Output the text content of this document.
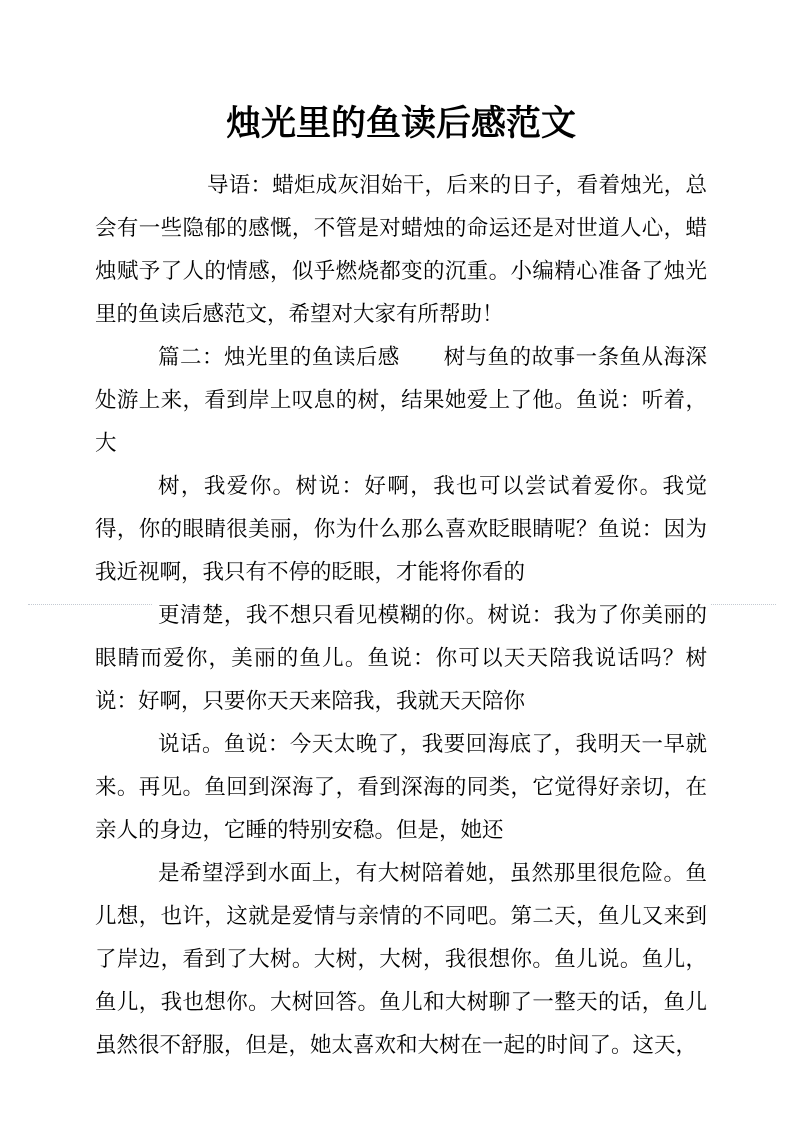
烛光里的鱼读后感范文

导语：蜡炬成灰泪始干，后来的日子，看着烛光，总会有一些隐郁的感慨，不管是对蜡烛的命运还是对世道人心，蜡烛赋予了人的情感，似乎燃烧都变的沉重。小编精心准备了烛光里的鱼读后感范文，希望对大家有所帮助！

篇二：烛光里的鱼读后感　　树与鱼的故事一条鱼从海深处游上来，看到岸上叹息的树，结果她爱上了他。鱼说：听着，大

树，我爱你。树说：好啊，我也可以尝试着爱你。我觉得，你的眼睛很美丽，你为什么那么喜欢眨眼睛呢？鱼说：因为我近视啊，我只有不停的眨眼，才能将你看的

更清楚，我不想只看见模糊的你。树说：我为了你美丽的眼睛而爱你，美丽的鱼儿。鱼说：你可以天天陪我说话吗？树说：好啊，只要你天天来陪我，我就天天陪你

说话。鱼说：今天太晚了，我要回海底了，我明天一早就来。再见。鱼回到深海了，看到深海的同类，它觉得好亲切，在亲人的身边，它睡的特别安稳。但是，她还

是希望浮到水面上，有大树陪着她，虽然那里很危险。鱼儿想，也许，这就是爱情与亲情的不同吧。第二天，鱼儿又来到了岸边，看到了大树。大树，大树，我很想你。鱼儿说。鱼儿，鱼儿，我也想你。大树回答。鱼儿和大树聊了一整天的话，鱼儿虽然很不舒服，但是，她太喜欢和大树在一起的时间了。这天，
